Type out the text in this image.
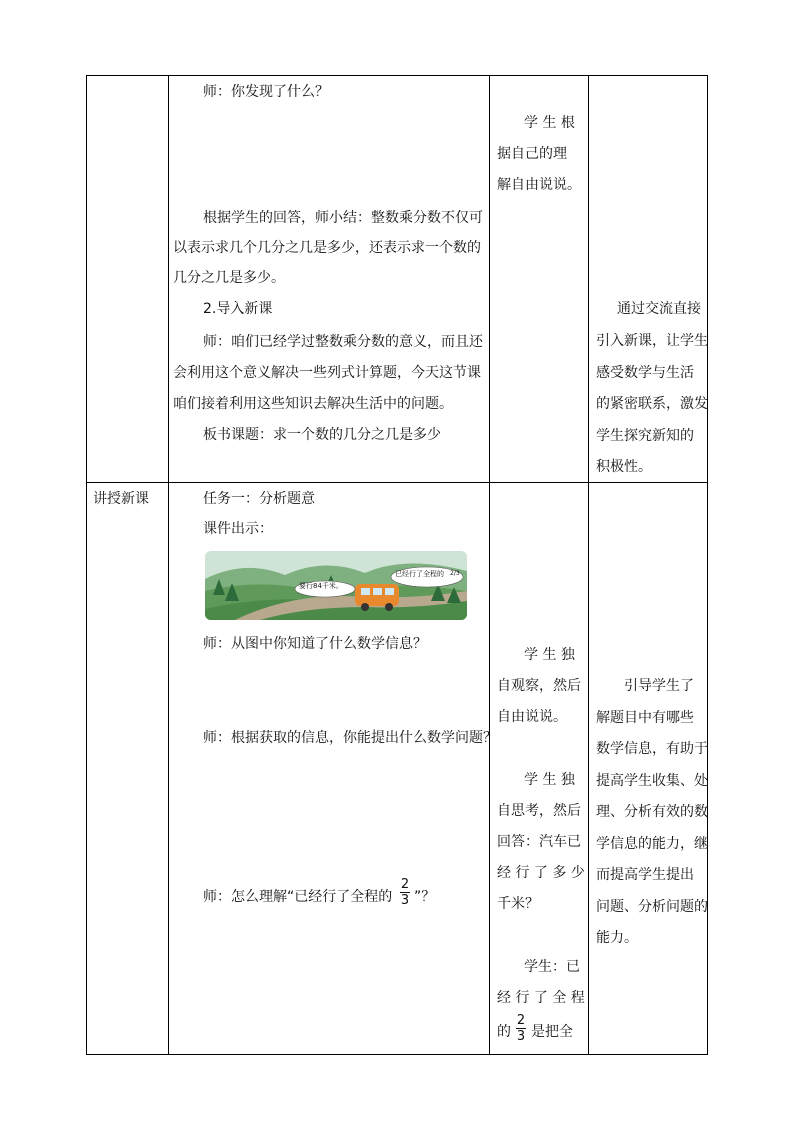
师：你发现了什么？
根据学生的回答，师小结：整数乘分数不仅可
以表示求几个几分之几是多少，还表示求一个数的
几分之几是多少。
2.导入新课
师：咱们已经学过整数乘分数的意义，而且还
会利用这个意义解决一些列式计算题，今天这节课
咱们接着利用这些知识去解决生活中的问题。
板书课题：求一个数的几分之几是多少
学 生 根
据自己的理
解自由说说。
通过交流直接
引入新课，让学生
感受数学与生活
的紧密联系，激发
学生探究新知的
积极性。
讲授新课	任务一：分析题意
课件出示：
要行84千米。
已经行了全程的 2/3
师：从图中你知道了什么数学信息？
师：根据获取的信息，你能提出什么数学问题？
师：怎么理解“已经行了全程的
2
3 ”？
学 生 独
自观察，然后
自由说说。
学 生 独
自思考，然后
回答：汽车已
经 行 了 多 少
千米？
学生：已
经 行 了 全 程
的
2
3 是把全
引导学生了
解题目中有哪些
数学信息，有助于
提高学生收集、处
理、分析有效的数
学信息的能力，继
而提高学生提出
问题、分析问题的
能力。
